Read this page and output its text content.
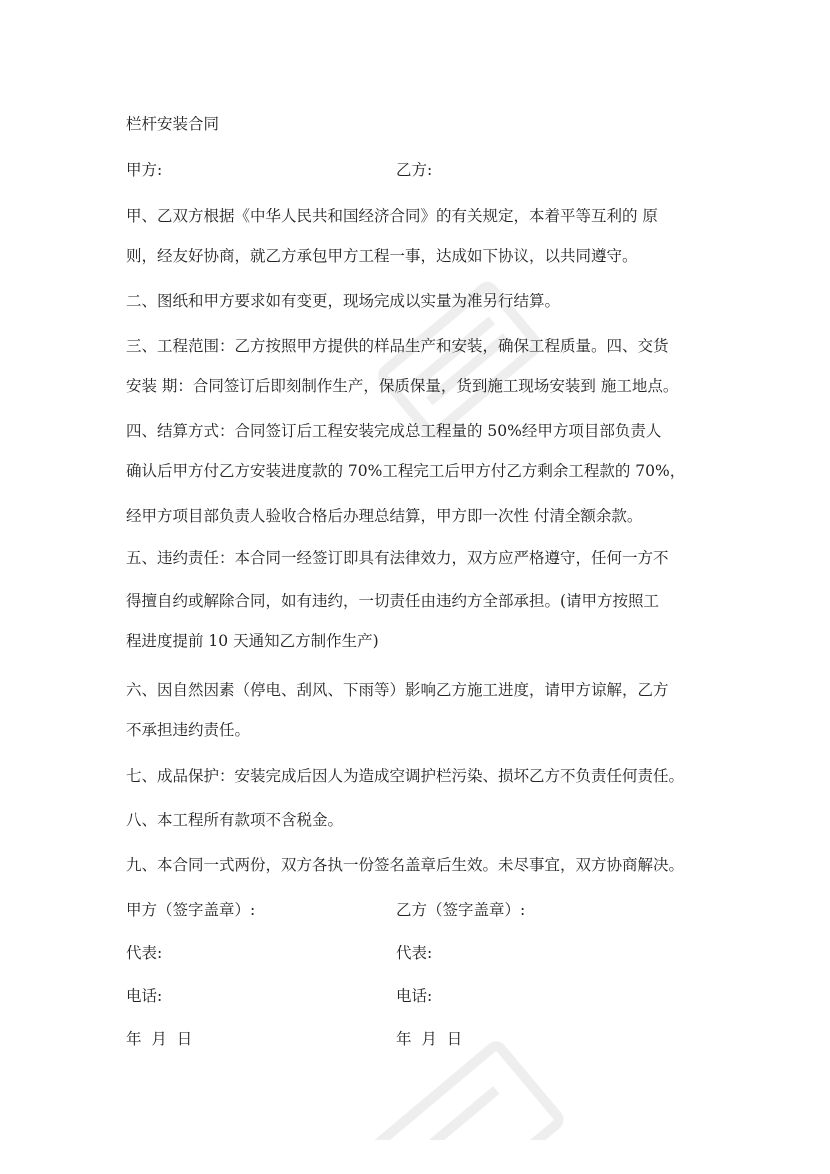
栏杆安装合同
甲方:	乙方:
甲、乙双方根据《中华人民共和国经济合同》的有关规定，本着平等互利的 原
则，经友好协商，就乙方承包甲方工程一事，达成如下协议，以共同遵守。
二、图纸和甲方要求如有变更，现场完成以实量为准另行结算。
三、工程范围：乙方按照甲方提供的样品生产和安装，确保工程质量。四、交货
安装 期：合同签订后即刻制作生产，保质保量，货到施工现场安装到 施工地点。
四、结算方式：合同签订后工程安装完成总工程量的 50%经甲方项目部负责人
确认后甲方付乙方安装进度款的 70%工程完工后甲方付乙方剩余工程款的 70%，
经甲方项目部负责人验收合格后办理总结算，甲方即一次性 付清全额余款。
五、违约责任：本合同一经签订即具有法律效力，双方应严格遵守，任何一方不
得擅自约或解除合同，如有违约，一切责任由违约方全部承担。(请甲方按照工
程进度提前 10 天通知乙方制作生产)
六、因自然因素（停电、刮风、下雨等）影响乙方施工进度，请甲方谅解，乙方
不承担违约责任。
七、成品保护：安装完成后因人为造成空调护栏污染、损坏乙方不负责任何责任。
八、本工程所有款项不含税金。
九、本合同一式两份，双方各执一份签名盖章后生效。未尽事宜，双方协商解决。
甲方（签字盖章）:	乙方（签字盖章）:
代表:	代表:
电话:	电话:
年  月  日	年  月  日
